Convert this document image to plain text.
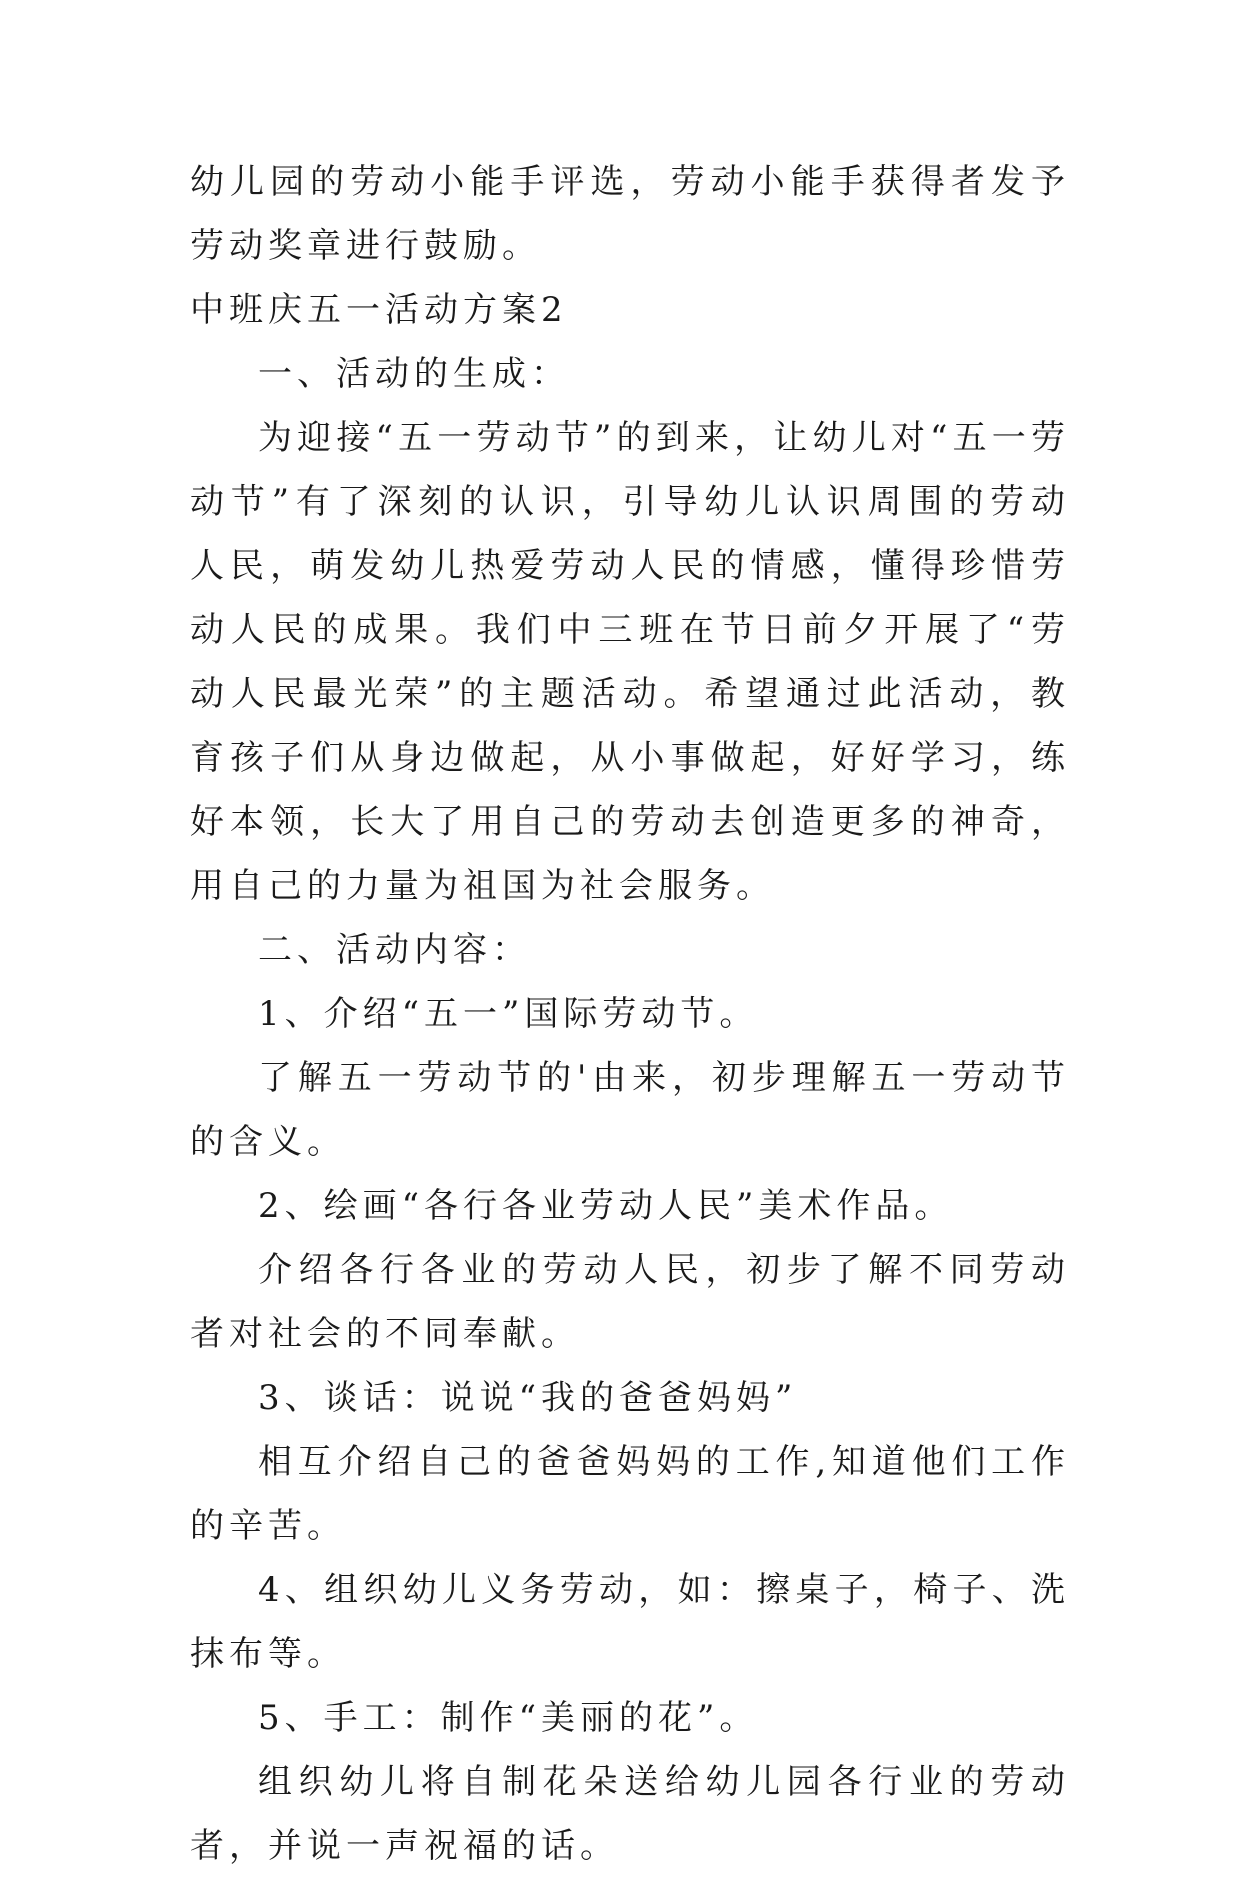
幼儿园的劳动小能手评选，劳动小能手获得者发予劳动奖章进行鼓励。

中班庆五一活动方案2

一、活动的生成：

为迎接“五一劳动节”的到来，让幼儿对“五一劳动节”有了深刻的认识，引导幼儿认识周围的劳动人民，萌发幼儿热爱劳动人民的情感，懂得珍惜劳动人民的成果。我们中三班在节日前夕开展了“劳动人民最光荣”的主题活动。希望通过此活动，教育孩子们从身边做起，从小事做起，好好学习，练好本领，长大了用自己的劳动去创造更多的神奇，用自己的力量为祖国为社会服务。

二、活动内容：

1、介绍“五一”国际劳动节。

了解五一劳动节的'由来，初步理解五一劳动节的含义。

2、绘画“各行各业劳动人民”美术作品。

介绍各行各业的劳动人民，初步了解不同劳动者对社会的不同奉献。

3、谈话：说说“我的爸爸妈妈”

相互介绍自己的爸爸妈妈的工作,知道他们工作的辛苦。

4、组织幼儿义务劳动，如：擦桌子，椅子、洗抹布等。

5、手工：制作“美丽的花”。

组织幼儿将自制花朵送给幼儿园各行业的劳动者，并说一声祝福的话。
